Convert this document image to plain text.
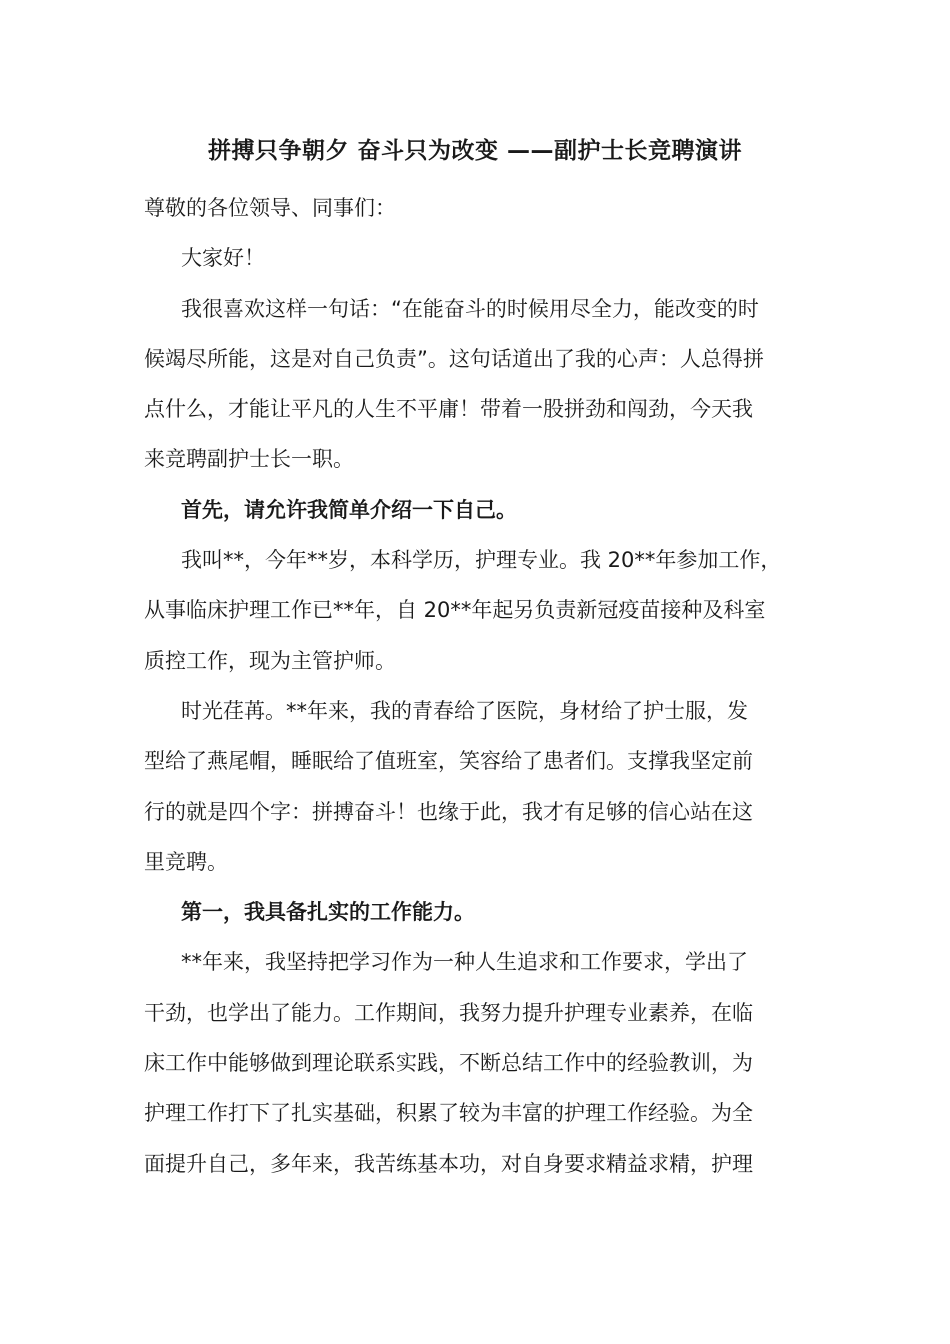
拼搏只争朝夕 奋斗只为改变 ——副护士长竞聘演讲

尊敬的各位领导、同事们：

大家好！

我很喜欢这样一句话：“在能奋斗的时候用尽全力，能改变的时

候竭尽所能，这是对自己负责”。这句话道出了我的心声：人总得拼

点什么，才能让平凡的人生不平庸！带着一股拼劲和闯劲，今天我

来竞聘副护士长一职。

首先，请允许我简单介绍一下自己。

我叫**，今年**岁，本科学历，护理专业。我 20**年参加工作，

从事临床护理工作已**年，自 20**年起另负责新冠疫苗接种及科室

质控工作，现为主管护师。

时光荏苒。**年来，我的青春给了医院，身材给了护士服，发

型给了燕尾帽，睡眠给了值班室，笑容给了患者们。支撑我坚定前

行的就是四个字：拼搏奋斗！也缘于此，我才有足够的信心站在这

里竞聘。

第一，我具备扎实的工作能力。

**年来，我坚持把学习作为一种人生追求和工作要求，学出了

干劲，也学出了能力。工作期间，我努力提升护理专业素养，在临

床工作中能够做到理论联系实践，不断总结工作中的经验教训，为

护理工作打下了扎实基础，积累了较为丰富的护理工作经验。为全

面提升自己，多年来，我苦练基本功，对自身要求精益求精，护理
